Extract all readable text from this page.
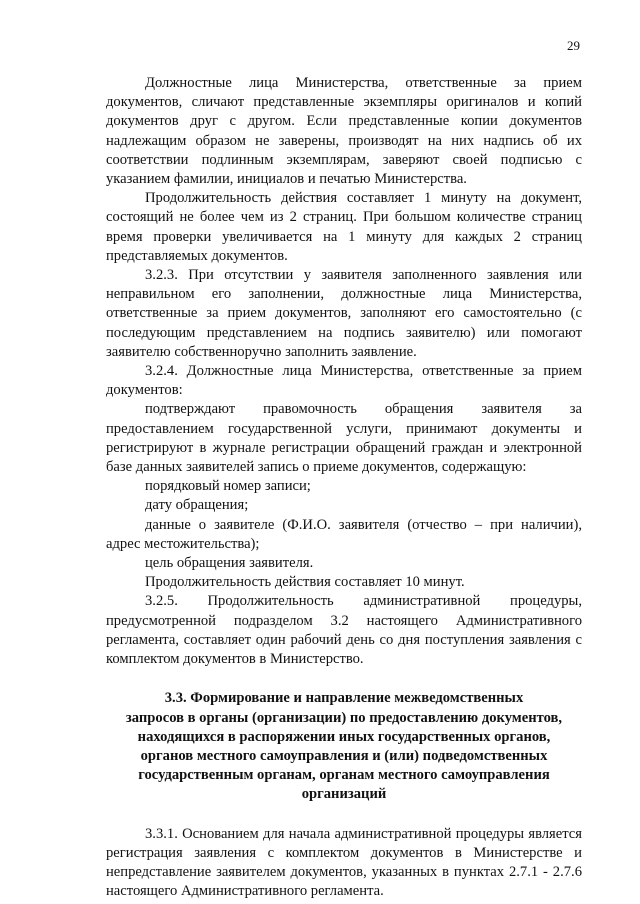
29

Должностные лица Министерства, ответственные за прием документов, сличают представленные экземпляры оригиналов и копий документов друг с другом. Если представленные копии документов надлежащим образом не заверены, производят на них надпись об их соответствии подлинным экземплярам, заверяют своей подписью с указанием фамилии, инициалов и печатью Министерства.

Продолжительность действия составляет 1 минуту на документ, состоящий не более чем из 2 страниц. При большом количестве страниц время проверки увеличивается на 1 минуту для каждых 2 страниц представляемых документов.

3.2.3. При отсутствии у заявителя заполненного заявления или неправильном его заполнении, должностные лица Министерства, ответственные за прием документов, заполняют его самостоятельно (с последующим представлением на подпись заявителю) или помогают заявителю собственноручно заполнить заявление.

3.2.4. Должностные лица Министерства, ответственные за прием документов:

подтверждают правомочность обращения заявителя за предоставлением государственной услуги, принимают документы и регистрируют в журнале регистрации обращений граждан и электронной базе данных заявителей запись о приеме документов, содержащую:

порядковый номер записи;

дату обращения;

данные о заявителе (Ф.И.О. заявителя (отчество – при наличии), адрес местожительства);

цель обращения заявителя.

Продолжительность действия составляет 10 минут.

3.2.5. Продолжительность административной процедуры, предусмотренной подразделом 3.2 настоящего Административного регламента, составляет один рабочий день со дня поступления заявления с комплектом документов в Министерство.

3.3. Формирование и направление межведомственных
запросов в органы (организации) по предоставлению документов,
находящихся в распоряжении иных государственных органов,
органов местного самоуправления и (или) подведомственных
государственным органам, органам местного самоуправления
организаций

3.3.1. Основанием для начала административной процедуры является регистрация заявления с комплектом документов в Министерстве и непредставление заявителем документов, указанных в пунктах 2.7.1 - 2.7.6 настоящего Административного регламента.
